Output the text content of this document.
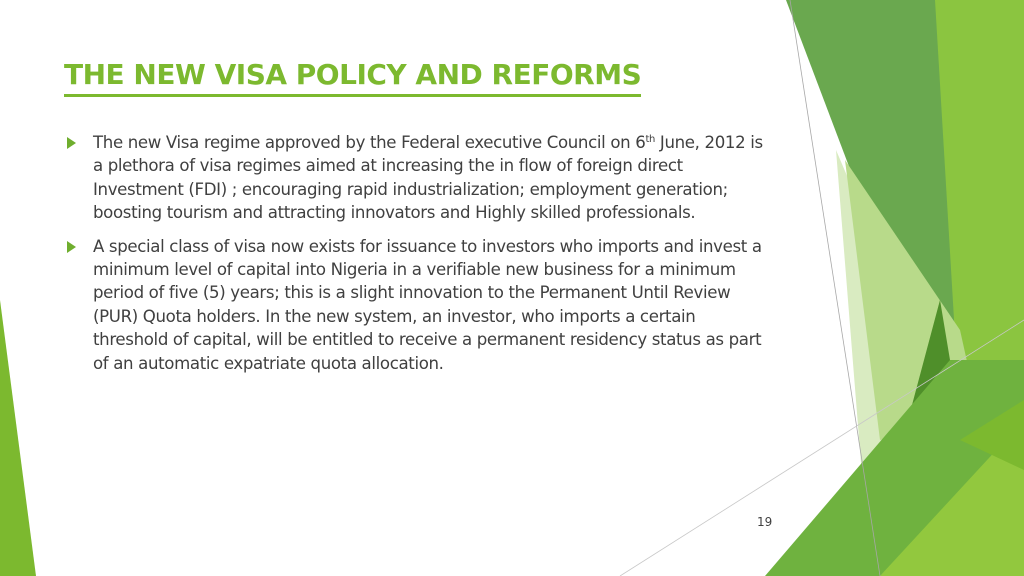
THE NEW VISA POLICY AND REFORMS

The new Visa regime approved by the Federal executive Council on 6th June, 2012 is a plethora of visa regimes aimed at increasing the in flow of foreign direct Investment (FDI) ; encouraging rapid industrialization; employment generation; boosting tourism and attracting innovators and Highly skilled professionals.

A special class of visa now exists for issuance to investors who imports and invest a minimum level of capital into Nigeria in a verifiable new business for a minimum period of five (5) years; this is a slight innovation to the Permanent Until Review (PUR) Quota holders. In the new system, an investor, who imports a certain threshold of capital, will be entitled to receive a permanent residency status as part of an automatic expatriate quota allocation.

19
